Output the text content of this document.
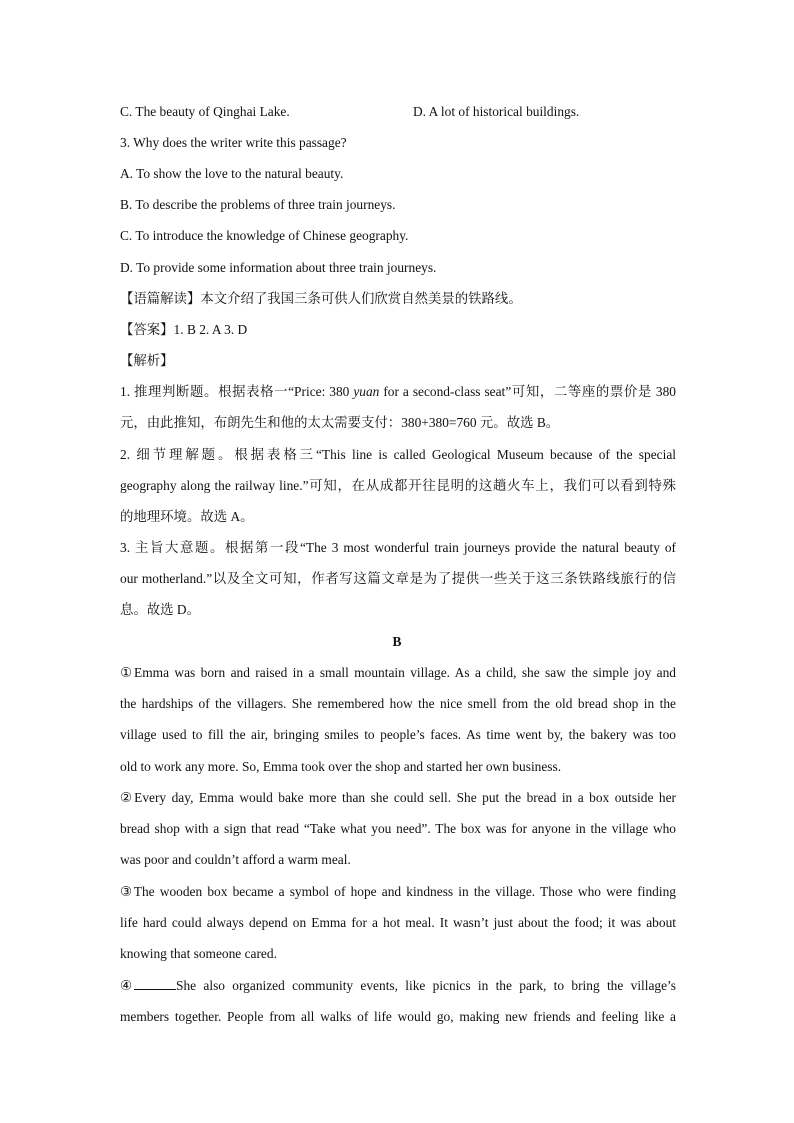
C. The beauty of Qinghai Lake.	D. A lot of historical buildings.
3. Why does the writer write this passage?
A. To show the love to the natural beauty.
B. To describe the problems of three train journeys.
C. To introduce the knowledge of Chinese geography.
D. To provide some information about three train journeys.
【语篇解读】本文介绍了我国三条可供人们欣赏自然美景的铁路线。
【答案】1. B 2. A 3. D
【解析】
1. 推理判断题。根据表格一“Price: 380 yuan for a second-class seat”可知，二等座的票价是 380
元，由此推知，布朗先生和他的太太需要支付：380+380=760 元。故选 B。
2. 细节理解题。根据表格三“This line is called Geological Museum because of the special
geography along the railway line.”可知，在从成都开往昆明的这趟火车上，我们可以看到特殊
的地理环境。故选 A。
3. 主旨大意题。根据第一段“The 3 most wonderful train journeys provide the natural beauty of
our motherland.”以及全文可知，作者写这篇文章是为了提供一些关于这三条铁路线旅行的信
息。故选 D。
B
①Emma was born and raised in a small mountain village. As a child, she saw the simple joy and
the hardships of the villagers. She remembered how the nice smell from the old bread shop in the
village used to fill the air, bringing smiles to people’s faces. As time went by, the bakery was too
old to work any more. So, Emma took over the shop and started her own business.
②Every day, Emma would bake more than she could sell. She put the bread in a box outside her
bread shop with a sign that read “Take what you need”. The box was for anyone in the village who
was poor and couldn’t afford a warm meal.
③The wooden box became a symbol of hope and kindness in the village. Those who were finding
life hard could always depend on Emma for a hot meal. It wasn’t just about the food; it was about
knowing that someone cared.
④	She also organized community events, like picnics in the park, to bring the village’s
members together. People from all walks of life would go, making new friends and feeling like a
